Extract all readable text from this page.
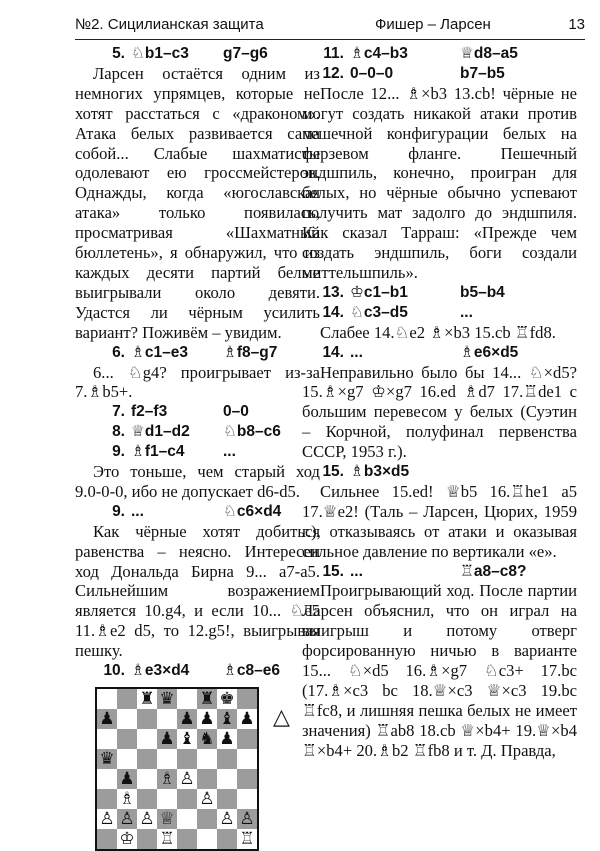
№2. Сицилианская защита	Фишер – Ларсен	13
5. ♘b1–c3	g7–g6

Ларсен остаётся одним из немногих упрямцев, которые не хотят расстаться с «драконом». Атака белых развивается сама собой... Слабые шахматисты одолевают ею гроссмейстеров. Однажды, когда «югославская атака» только появилась, просматривая «Шахматный бюллетень», я обнаружил, что из каждых десяти партий белые выигрывали около девяти. Удастся ли чёрным усилить вариант? Поживём – увидим.

6. ♗c1–e3	♗f8–g7

6... ♘g4? проигрывает из-за 7.♗b5+.

7. f2–f3	0–0
8. ♕d1–d2	♘b8–c6
9. ♗f1–c4	...

Это тоньше, чем старый ход 9.0-0-0, ибо не допускает d6-d5.

9. ...	♘c6×d4

Как чёрные хотят добиться равенства – неясно. Интересен ход Дональда Бирна 9... a7-a5. Сильнейшим возражением является 10.g4, и если 10... ♘e5 11.♗e2 d5, то 12.g5!, выигрывая пешку.

10. ♗e3×d4	♗c8–e6
♜ ♛ ♜ ♚
♟	♟ ♟ ♝ ♟
♟ ♝ ♞ ♟
♛
♟ ♗ ♙
♗	♙
♙ ♙ ♙ ♕	♙ ♙
♔ ♖	♖
11. ♗c4–b3	♕d8–a5
12. 0–0–0	b7–b5

После 12... ♗×b3 13.cb! чёрные не могут создать никакой атаки против пешечной конфигурации белых на ферзевом фланге. Пешечный эндшпиль, конечно, проигран для белых, но чёрные обычно успевают получить мат задолго до эндшпиля. Как сказал Тарраш: «Прежде чем создать эндшпиль, боги создали миттельшпиль».

13. ♔c1–b1	b5–b4
14. ♘c3–d5	...

Слабее 14.♘e2 ♗×b3 15.cb ♖fd8.

14. ...	♗e6×d5

Неправильно было бы 14... ♘×d5? 15.♗×g7 ♔×g7 16.ed ♗d7 17.♖de1 с большим перевесом у белых (Суэтин – Корчной, полуфинал первенства СССР, 1953 г.).

15. ♗b3×d5

Сильнее 15.ed! ♕b5 16.♖he1 a5 17.♕e2! (Таль – Ларсен, Цюрих, 1959 г.), отказываясь от атаки и оказывая сильное давление по вертикали «е».

15. ...	♖a8–c8?

Проигрывающий ход. После партии Ларсен объяснил, что он играл на выигрыш и потому отверг форсированную ничью в варианте 15... ♘×d5 16.♗×g7 ♘c3+ 17.bc (17.♗×c3 bc 18.♕×c3 ♕×c3 19.bc ♖fc8, и лишняя пешка белых не имеет значения) ♖ab8 18.cb ♕×b4+ 19.♕×b4 ♖×b4+ 20.♗b2 ♖fb8 и т. Д. Правда,

△
